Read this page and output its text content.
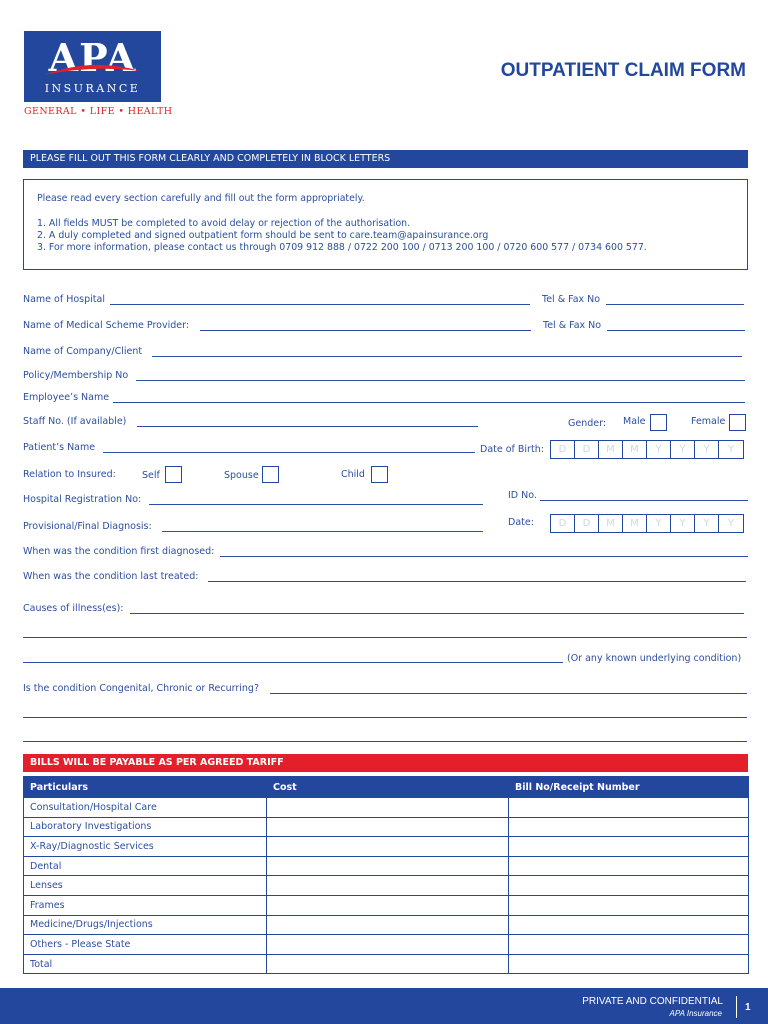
APA
INSURANCE
GENERAL • LIFE • HEALTH
OUTPATIENT CLAIM FORM
PLEASE FILL OUT THIS FORM CLEARLY AND COMPLETELY IN BLOCK LETTERS
Please read every section carefully and fill out the form appropriately.
1. All fields MUST be completed to avoid delay or rejection of the authorisation.
2. A duly completed and signed outpatient form should be sent to care.team@apainsurance.org
3. For more information, please contact us through 0709 912 888 / 0722 200 100 / 0713 200 100 / 0720 600 577 / 0734 600 577.
Name of Hospital	Tel & Fax No
Name of Medical Scheme Provider:	Tel & Fax No
Name of Company/Client
Policy/Membership No
Employee’s Name
Staff No. (If available)	Gender: Male	Female
Patient’s Name	Date of Birth:	D	D	M	M	Y	Y	Y	Y
Relation to Insured:	Self	Spouse	Child
Hospital Registration No:	ID No.
Provisional/Final Diagnosis:	Date:	D	D	M	M	Y	Y	Y	Y
When was the condition first diagnosed:
When was the condition last treated:
Causes of illness(es):
(Or any known underlying condition)
Is the condition Congenital, Chronic or Recurring?
BILLS WILL BE PAYABLE AS PER AGREED TARIFF
Particulars	Cost	Bill No/Receipt Number
Consultation/Hospital Care		
Laboratory Investigations		
X-Ray/Diagnostic Services		
Dental		
Lenses		
Frames		
Medicine/Drugs/Injections		
Others - Please State		
Total		
PRIVATE AND CONFIDENTIAL
APA Insurance
1
